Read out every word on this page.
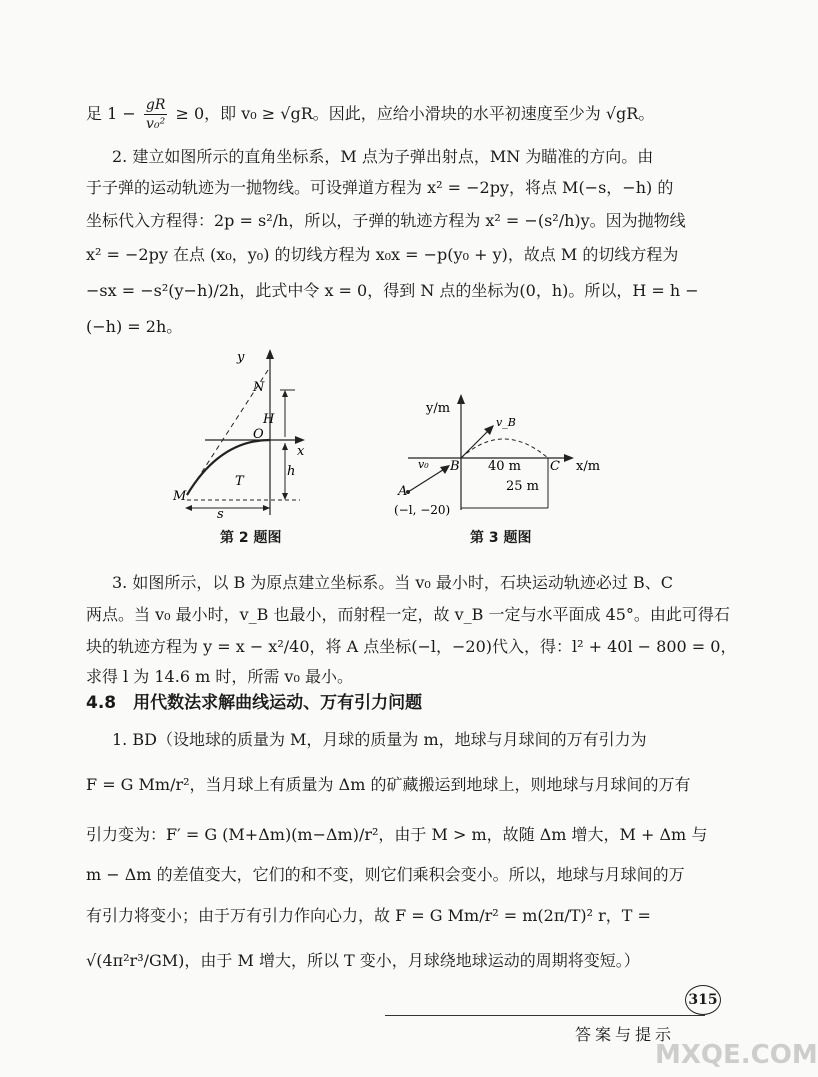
足 $1 - \frac{gR}{\text{v₀²}} \ge 0$，即 v₀ ≥ √gR。因此，应给小滑块的水平初速度至少为 √gR。
2. 建立如图所示的直角坐标系，M 点为子弹出射点，MN 为瞄准的方向。由
于子弹的运动轨迹为一抛物线。可设弹道方程为 x² = −2py，将点 M(−s，−h) 的
坐标代入方程得：2p = s²/h，所以，子弹的轨迹方程为 x² = −(s²/h)y。因为抛物线
x² = −2py 在点 (x₀，y₀) 的切线方程为 x₀x = −p(y₀ + y)，故点 M 的切线方程为
−sx = −s²(y−h)/2h，此式中令 x = 0，得到 N 点的坐标为(0，h)。所以，H = h −
(−h) = 2h。
y
N
H
O
x
T
h
M
s
第 2 题图
y/m
v_B
v₀ B 40 m C x/m
25 m
A
(−l, −20)
第 3 题图
3. 如图所示，以 B 为原点建立坐标系。当 v₀ 最小时，石块运动轨迹必过 B、C
两点。当 v₀ 最小时，v_B 也最小，而射程一定，故 v_B 一定与水平面成 45°。由此可得石
块的轨迹方程为 y = x − x²/40，将 A 点坐标(−l，−20)代入，得：l² + 40l − 800 = 0，
求得 l 为 14.6 m 时，所需 v₀ 最小。
4.8　用代数法求解曲线运动、万有引力问题
1. BD（设地球的质量为 M，月球的质量为 m，地球与月球间的万有引力为
F = G Mm/r²，当月球上有质量为 Δm 的矿藏搬运到地球上，则地球与月球间的万有
引力变为：F′ = G (M+Δm)(m−Δm)/r²，由于 M > m，故随 Δm 增大，M + Δm 与
m − Δm 的差值变大，它们的和不变，则它们乘积会变小。所以，地球与月球间的万
有引力将变小；由于万有引力作向心力，故 F = G Mm/r² = m(2π/T)² r，T =
√(4π²r³/GM)，由于 M 增大，所以 T 变小，月球绕地球运动的周期将变短。）
315
答案与提示
MXQE.COM
